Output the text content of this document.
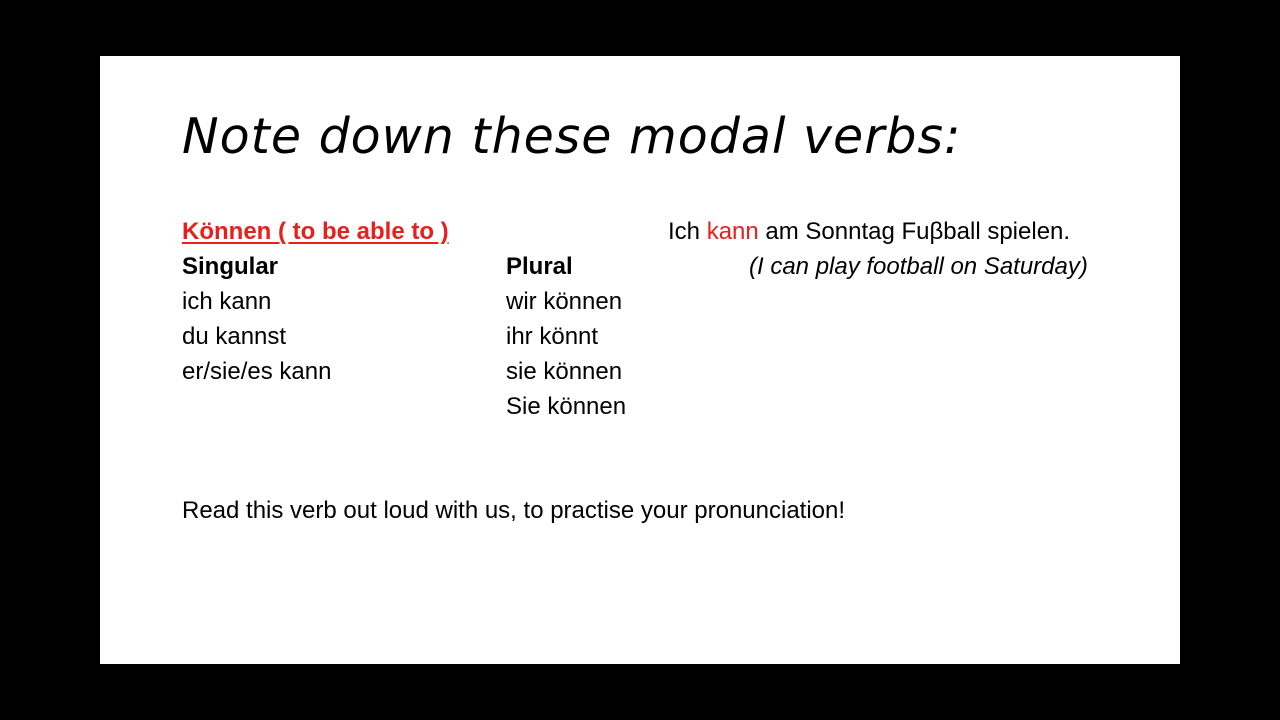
Note down these modal verbs:
Können ( to be able to )
Singular
ich kann
du kannst
er/sie/es kann
Plural
wir können
ihr könnt
sie können
Sie können
Ich kann am Sonntag Fuβball spielen.
(I can play football on Saturday)
Read this verb out loud with us, to practise your pronunciation!
